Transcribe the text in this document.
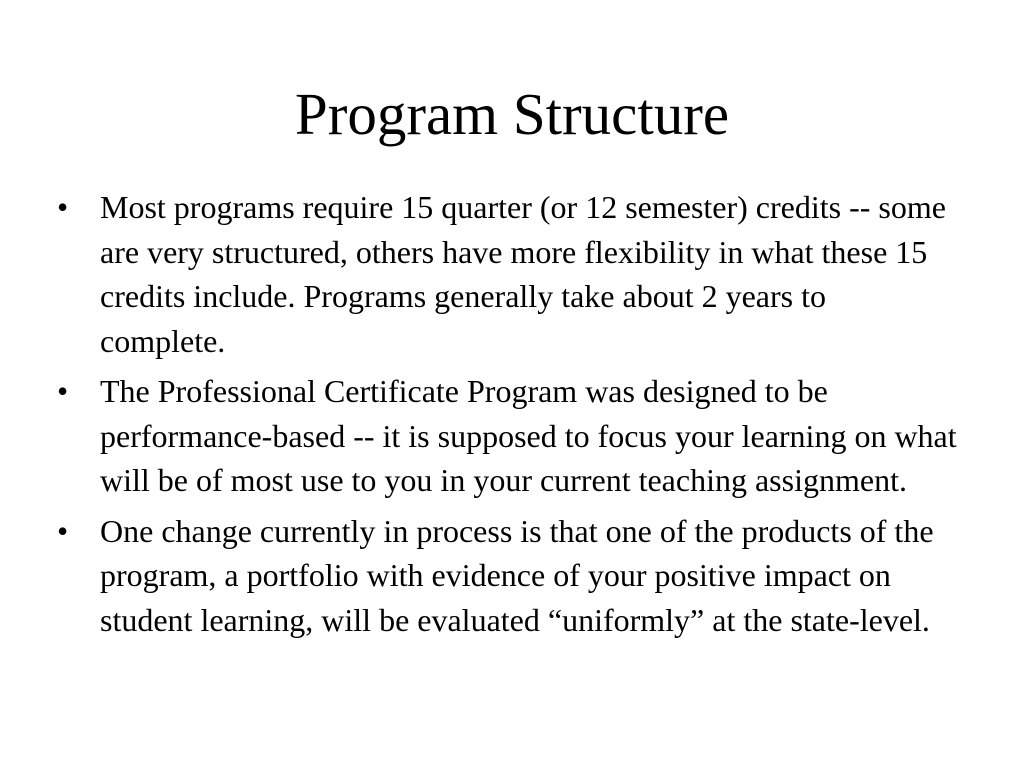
Program Structure
• Most programs require 15 quarter (or 12 semester) credits -- some are very structured, others have more flexibility in what these 15 credits include. Programs generally take about 2 years to complete.
• The Professional Certificate Program was designed to be performance-based -- it is supposed to focus your learning on what will be of most use to you in your current teaching assignment.
• One change currently in process is that one of the products of the program, a portfolio with evidence of your positive impact on student learning, will be evaluated “uniformly” at the state-level.
